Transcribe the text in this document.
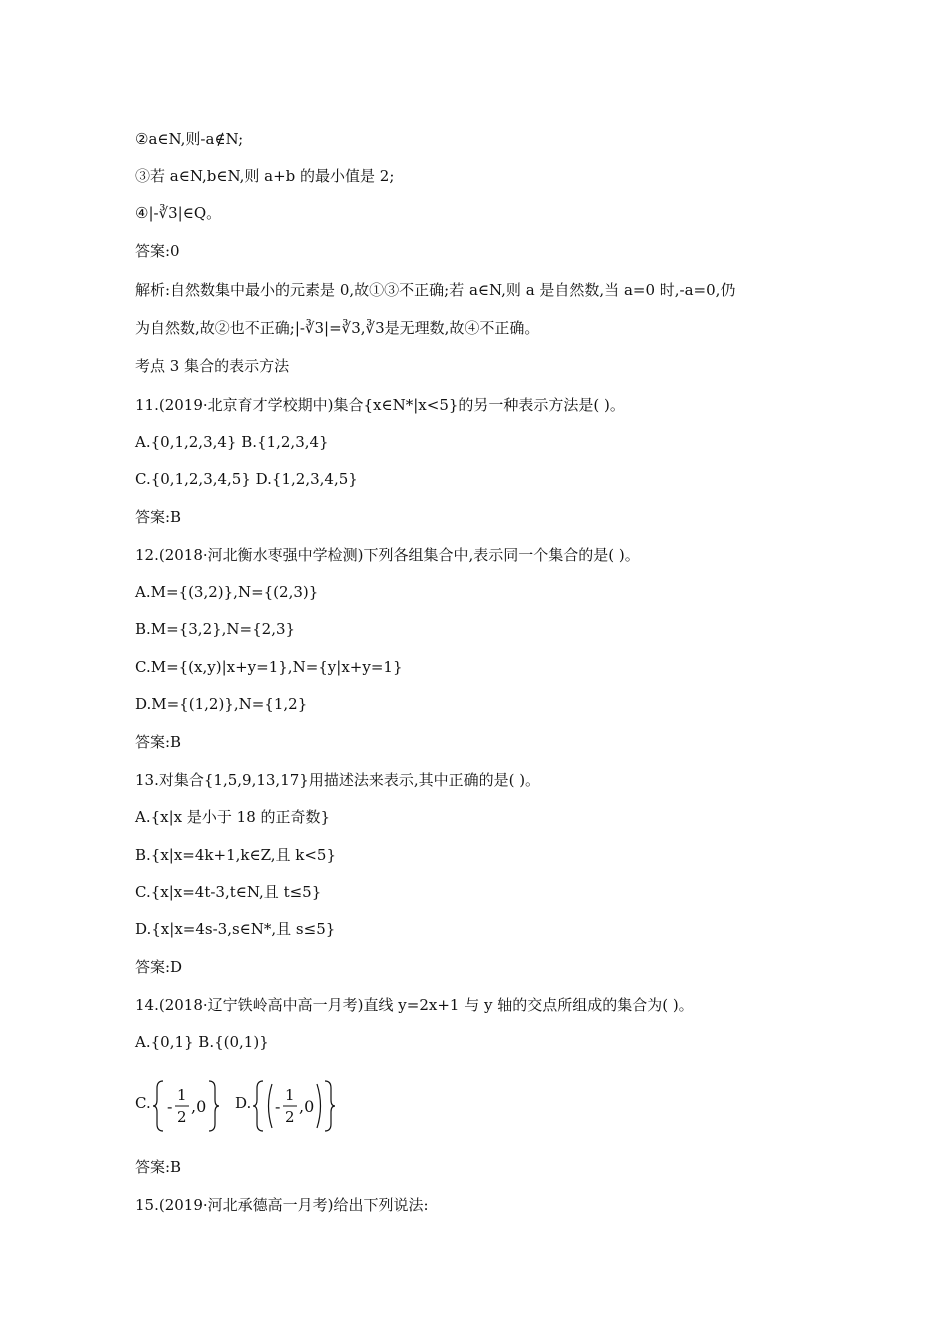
②a∈N,则-a∉N;
③若 a∈N,b∈N,则 a+b 的最小值是 2;
④|-∛3|∈Q。
答案:0
解析:自然数集中最小的元素是 0,故①③不正确;若 a∈N,则 a 是自然数,当 a=0 时,-a=0,仍
为自然数,故②也不正确;|-∛3|=∛3,∛3是无理数,故④不正确。
考点 3 集合的表示方法
11.(2019·北京育才学校期中)集合{x∈N*|x<5}的另一种表示方法是( )。
A.{0,1,2,3,4} B.{1,2,3,4}
C.{0,1,2,3,4,5} D.{1,2,3,4,5}
答案:B
12.(2018·河北衡水枣强中学检测)下列各组集合中,表示同一个集合的是( )。
A.M={(3,2)},N={(2,3)}
B.M={3,2},N={2,3}
C.M={(x,y)|x+y=1},N={y|x+y=1}
D.M={(1,2)},N={1,2}
答案:B
13.对集合{1,5,9,13,17}用描述法来表示,其中正确的是( )。
A.{x|x 是小于 18 的正奇数}
B.{x|x=4k+1,k∈Z,且 k<5}
C.{x|x=4t-3,t∈N,且 t≤5}
D.{x|x=4s-3,s∈N*,且 s≤5}
答案:D
14.(2018·辽宁铁岭高中高一月考)直线 y=2x+1 与 y 轴的交点所组成的集合为( )。
A.{0,1} B.{(0,1)}
C. -
1
2
,0 D. -
1
2
,0
答案:B
15.(2019·河北承德高一月考)给出下列说法:
